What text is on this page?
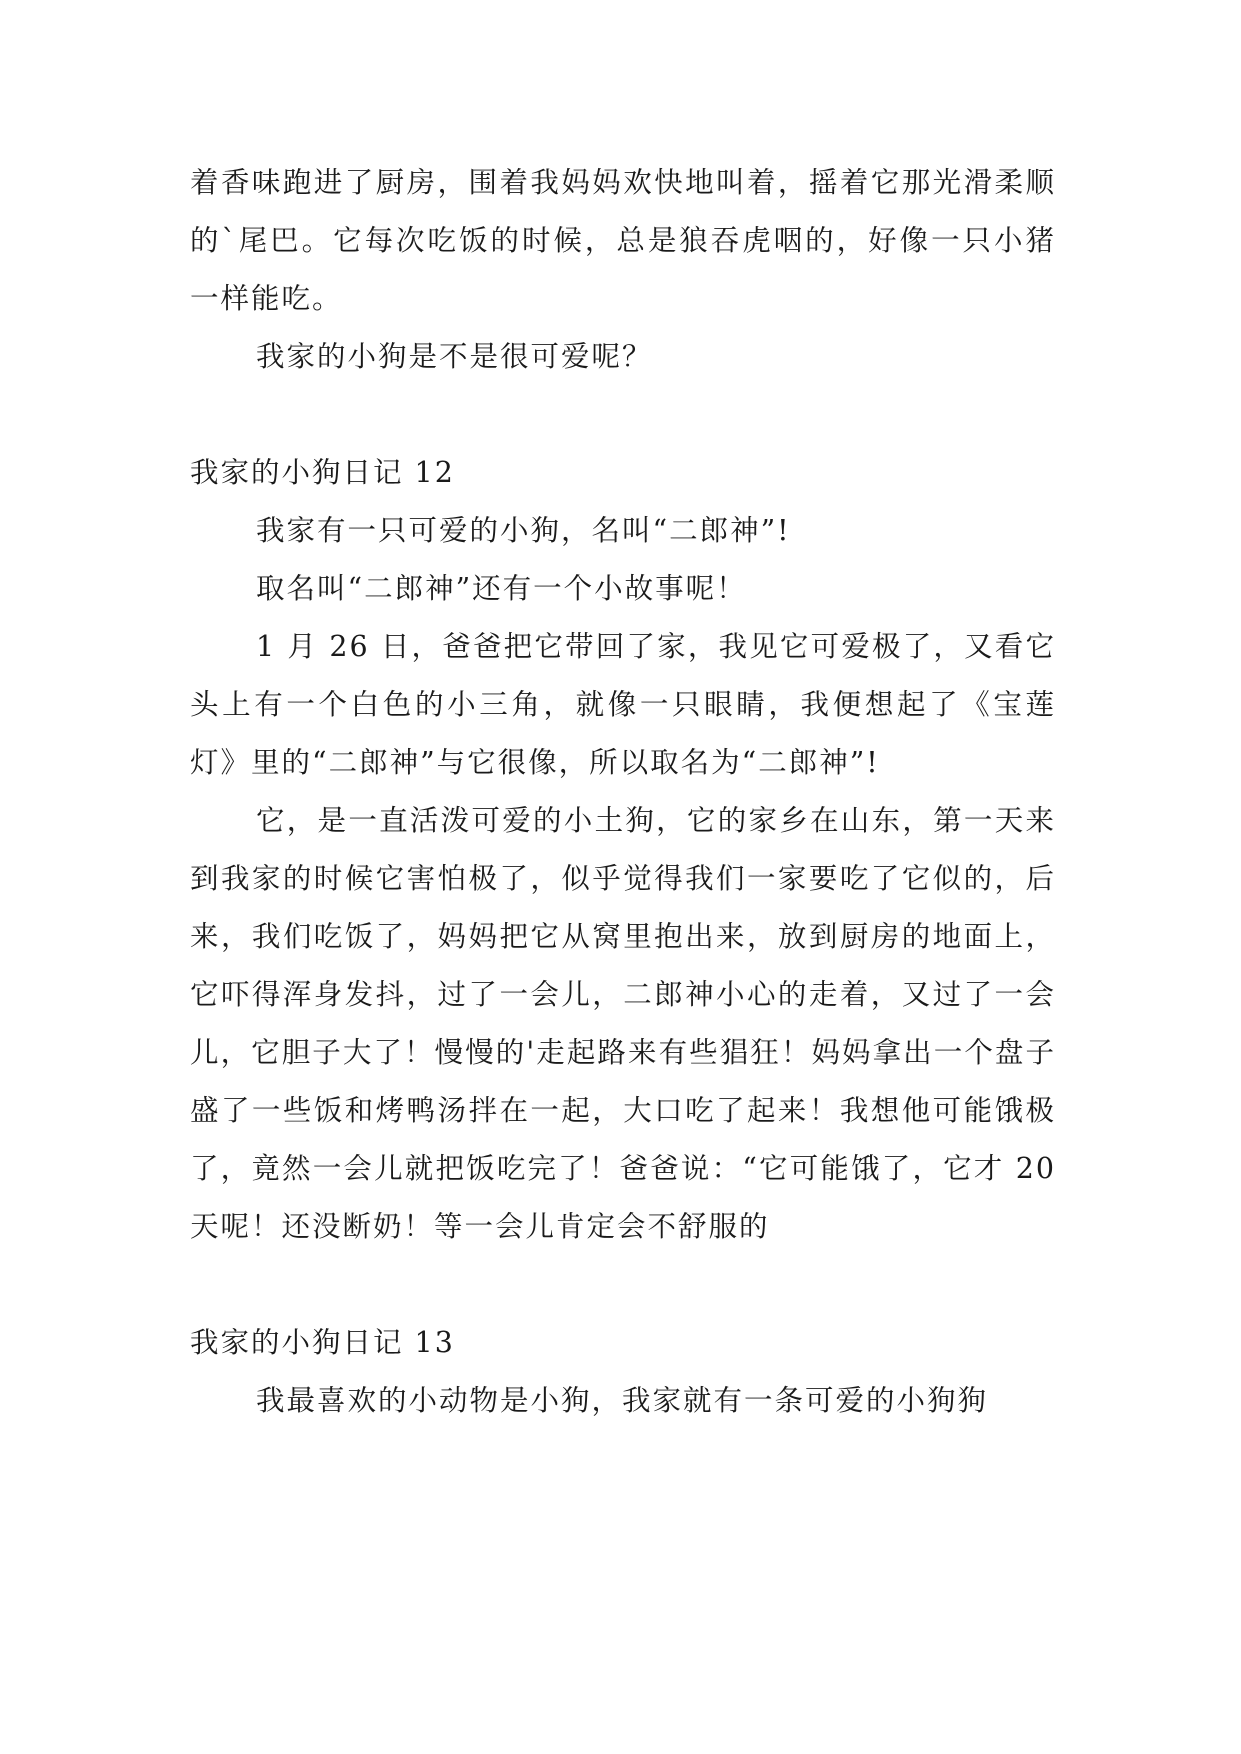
着香味跑进了厨房，围着我妈妈欢快地叫着，摇着它那光滑柔顺的`尾巴。它每次吃饭的时候，总是狼吞虎咽的，好像一只小猪一样能吃。

我家的小狗是不是很可爱呢？

我家的小狗日记 12

我家有一只可爱的小狗，名叫“二郎神”!

取名叫“二郎神”还有一个小故事呢！

1 月 26 日，爸爸把它带回了家，我见它可爱极了，又看它头上有一个白色的小三角，就像一只眼睛，我便想起了《宝莲灯》里的“二郎神”与它很像，所以取名为“二郎神”!

它，是一直活泼可爱的小土狗，它的家乡在山东，第一天来到我家的时候它害怕极了，似乎觉得我们一家要吃了它似的，后来，我们吃饭了，妈妈把它从窝里抱出来，放到厨房的地面上，它吓得浑身发抖，过了一会儿，二郎神小心的走着，又过了一会儿，它胆子大了！慢慢的'走起路来有些猖狂！妈妈拿出一个盘子盛了一些饭和烤鸭汤拌在一起，大口吃了起来！我想他可能饿极了，竟然一会儿就把饭吃完了！爸爸说：“它可能饿了，它才 20 天呢！还没断奶！等一会儿肯定会不舒服的

我家的小狗日记 13

我最喜欢的小动物是小狗，我家就有一条可爱的小狗狗
